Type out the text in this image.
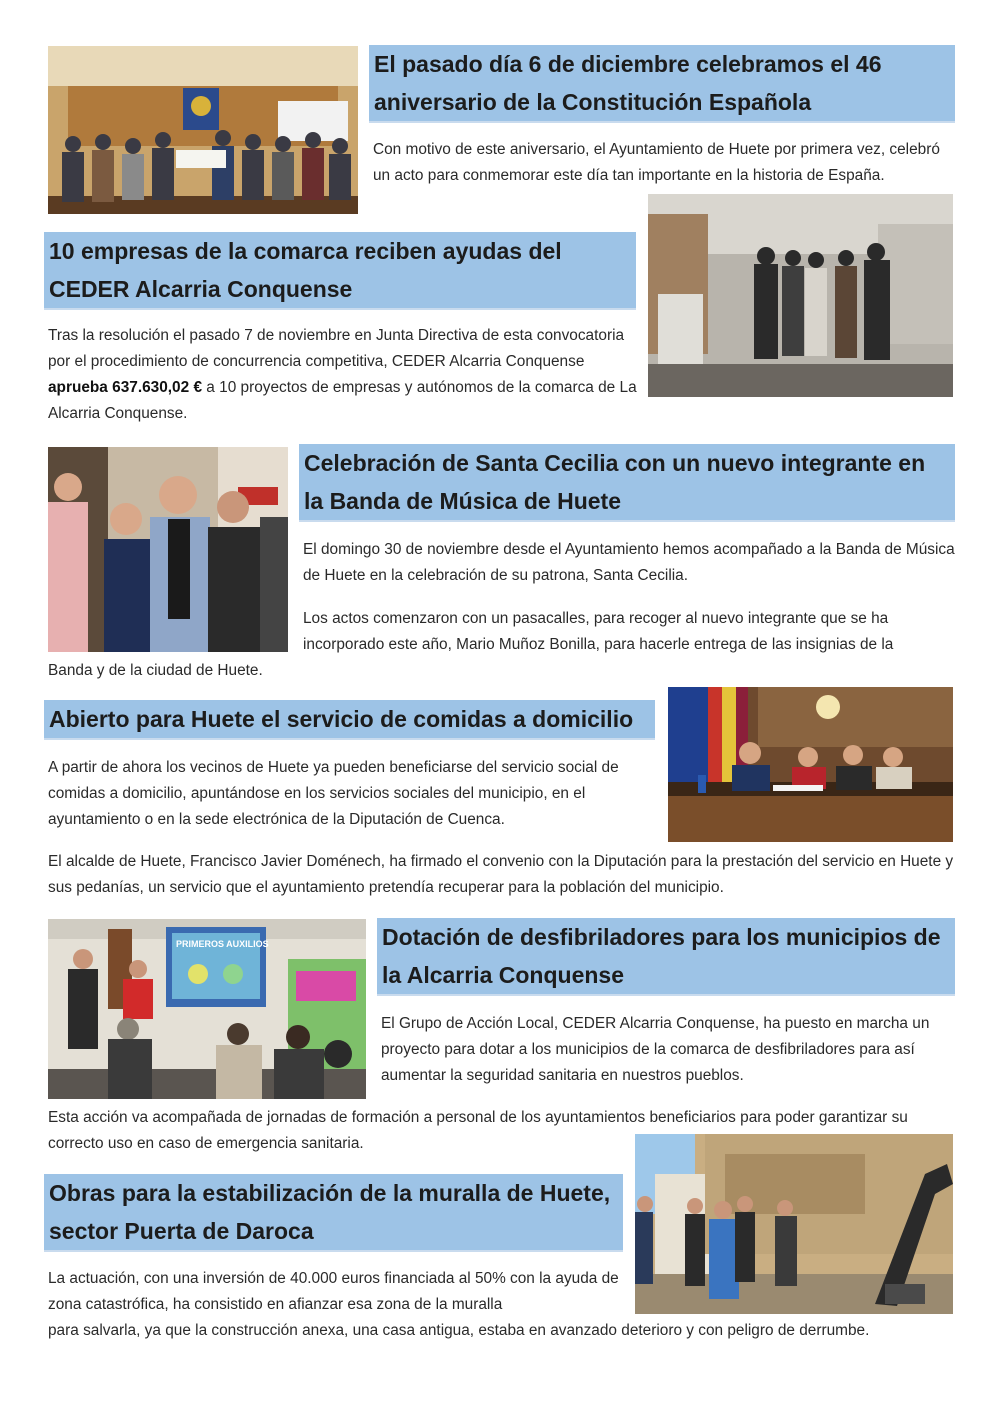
El pasado día 6 de diciembre celebramos el 46 aniversario de la Constitución Española
Con motivo de este aniversario, el Ayuntamiento de Huete por primera vez, celebró un acto para conmemorar este día tan importante en la historia de España.
10 empresas de la comarca reciben ayudas del CEDER Alcarria Conquense
Tras la resolución el pasado 7 de noviembre en Junta Directiva de esta convocatoria por el procedimiento de concurrencia competitiva, CEDER Alcarria Conquense aprueba 637.630,02 € a 10 proyectos de empresas y autónomos de la comarca de La Alcarria Conquense.
Celebración de Santa Cecilia con un nuevo integrante en la Banda de Música de Huete
El domingo 30 de noviembre desde el Ayuntamiento hemos acompañado a la Banda de Música de Huete en la celebración de su patrona, Santa Cecilia.
Los actos comenzaron con un pasacalles, para recoger al nuevo integrante que se ha incorporado este año, Mario Muñoz Bonilla, para hacerle entrega de las insignias de la
Banda y de la ciudad de Huete.
Abierto para Huete el servicio de comidas a domicilio
A partir de ahora los vecinos de Huete ya pueden beneficiarse del servicio social de comidas a domicilio, apuntándose en los servicios sociales del municipio, en el ayuntamiento o en la sede electrónica de la Diputación de Cuenca.
El alcalde de Huete, Francisco Javier Doménech, ha firmado el convenio con la Diputación para la prestación del servicio en Huete y sus pedanías, un servicio que el ayuntamiento pretendía recuperar para la población del municipio.
PRIMEROS AUXILIOS	Dotación de desfibriladores para los municipios de la Alcarria Conquense
El Grupo de Acción Local, CEDER Alcarria Conquense, ha puesto en marcha un proyecto para dotar a los municipios de la comarca de desfibriladores para así aumentar la seguridad sanitaria en nuestros pueblos.
Esta acción va acompañada de jornadas de formación a personal de los ayuntamientos beneficiarios para poder garantizar su correcto uso en caso de emergencia sanitaria.
Obras para la estabilización de la muralla de Huete, sector Puerta de Daroca
La actuación, con una inversión de 40.000 euros financiada al 50% con la ayuda de zona catastrófica, ha consistido en afianzar esa zona de la muralla
para salvarla, ya que la construcción anexa, una casa antigua, estaba en avanzado deterioro y con peligro de derrumbe.
